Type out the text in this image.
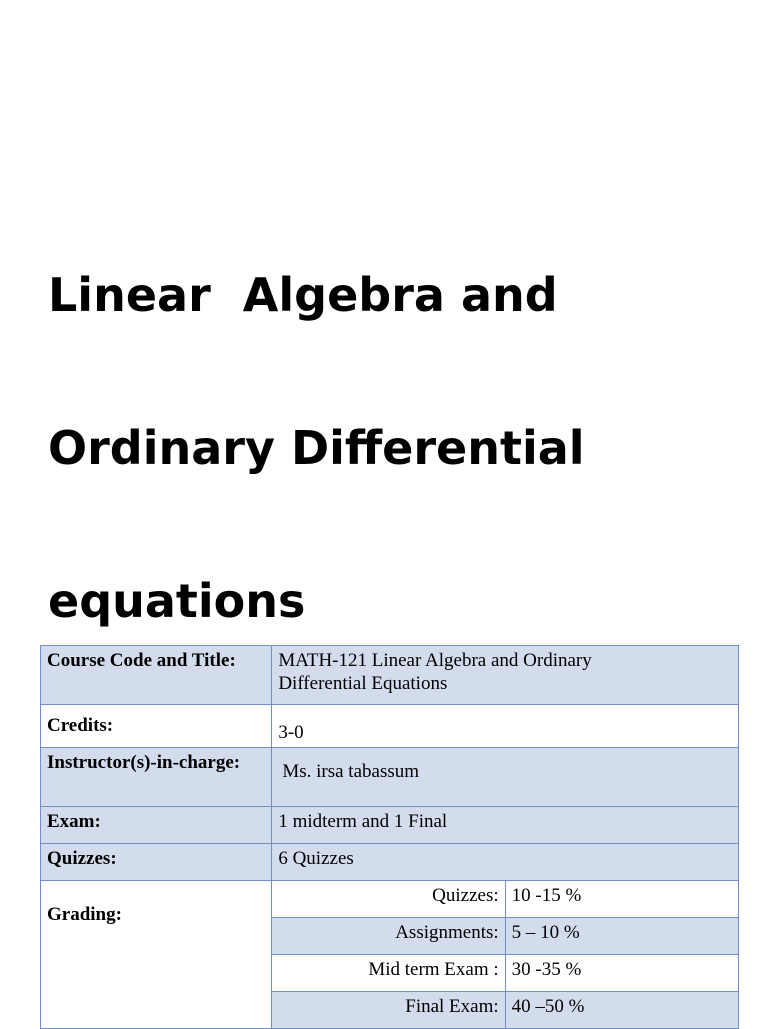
Linear  Algebra and

Ordinary Differential

equations

Course Code and Title:	MATH-121 Linear Algebra and Ordinary
Differential Equations	

Credits:	3-0	
Instructor(s)-in-charge:	Ms. irsa tabassum	
Exam:	1 midterm and 1 Final	
Quizzes:	6 Quizzes	
Grading:	Quizzes:	10 -15 %
	Assignments:	5 – 10 %
	Mid term Exam :	30 -35 %
	Final Exam:	40 –50 %
